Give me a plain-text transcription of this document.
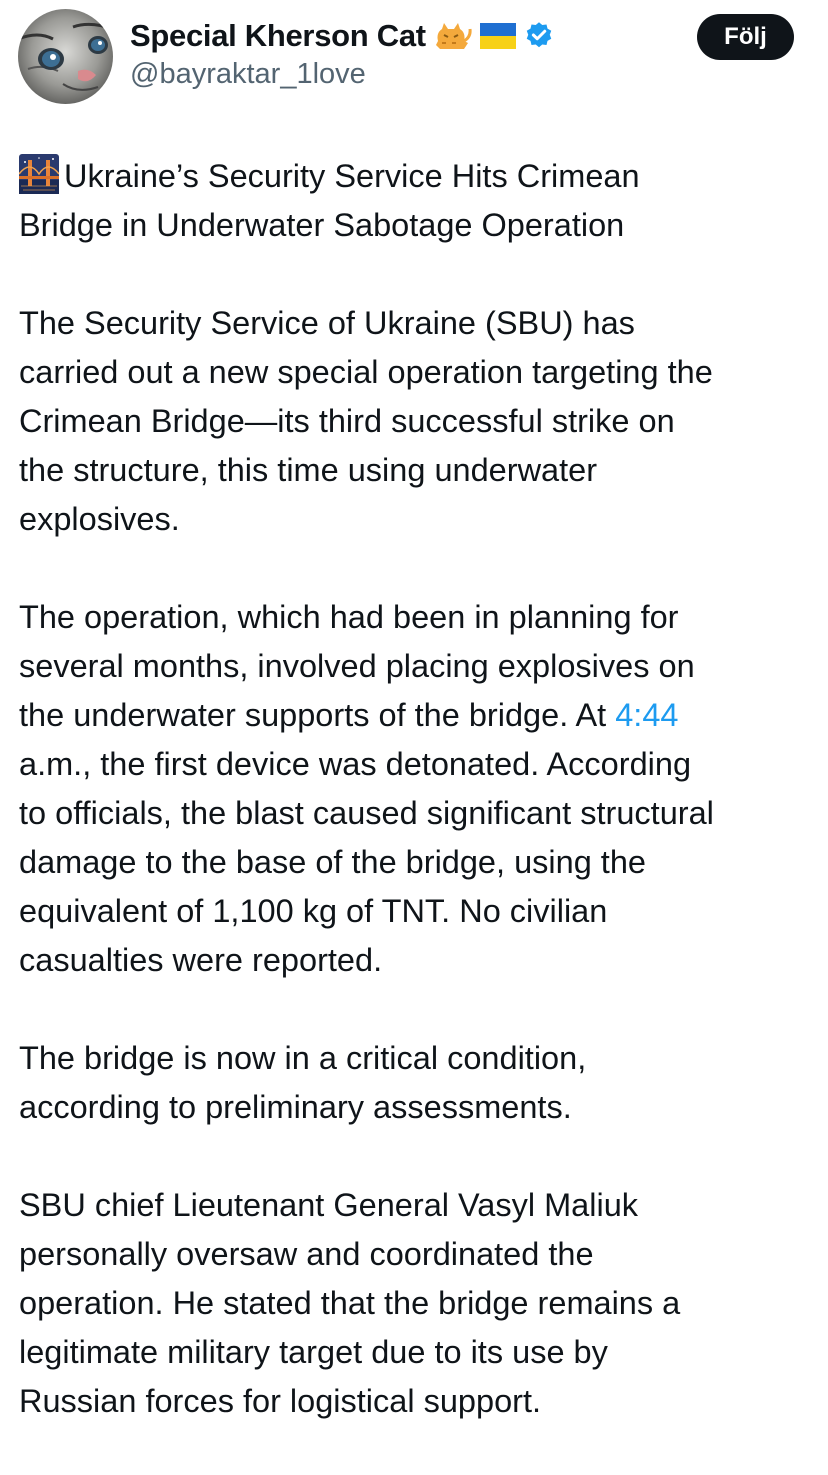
Special Kherson Cat
@bayraktar_1love
Följ

Ukraine’s Security Service Hits Crimean
Bridge in Underwater Sabotage Operation

The Security Service of Ukraine (SBU) has
carried out a new special operation targeting the
Crimean Bridge—its third successful strike on
the structure, this time using underwater
explosives.

The operation, which had been in planning for
several months, involved placing explosives on
the underwater supports of the bridge. At 4:44
a.m., the first device was detonated. According
to officials, the blast caused significant structural
damage to the base of the bridge, using the
equivalent of 1,100 kg of TNT. No civilian
casualties were reported.

The bridge is now in a critical condition,
according to preliminary assessments.

SBU chief Lieutenant General Vasyl Maliuk
personally oversaw and coordinated the
operation. He stated that the bridge remains a
legitimate military target due to its use by
Russian forces for logistical support.
